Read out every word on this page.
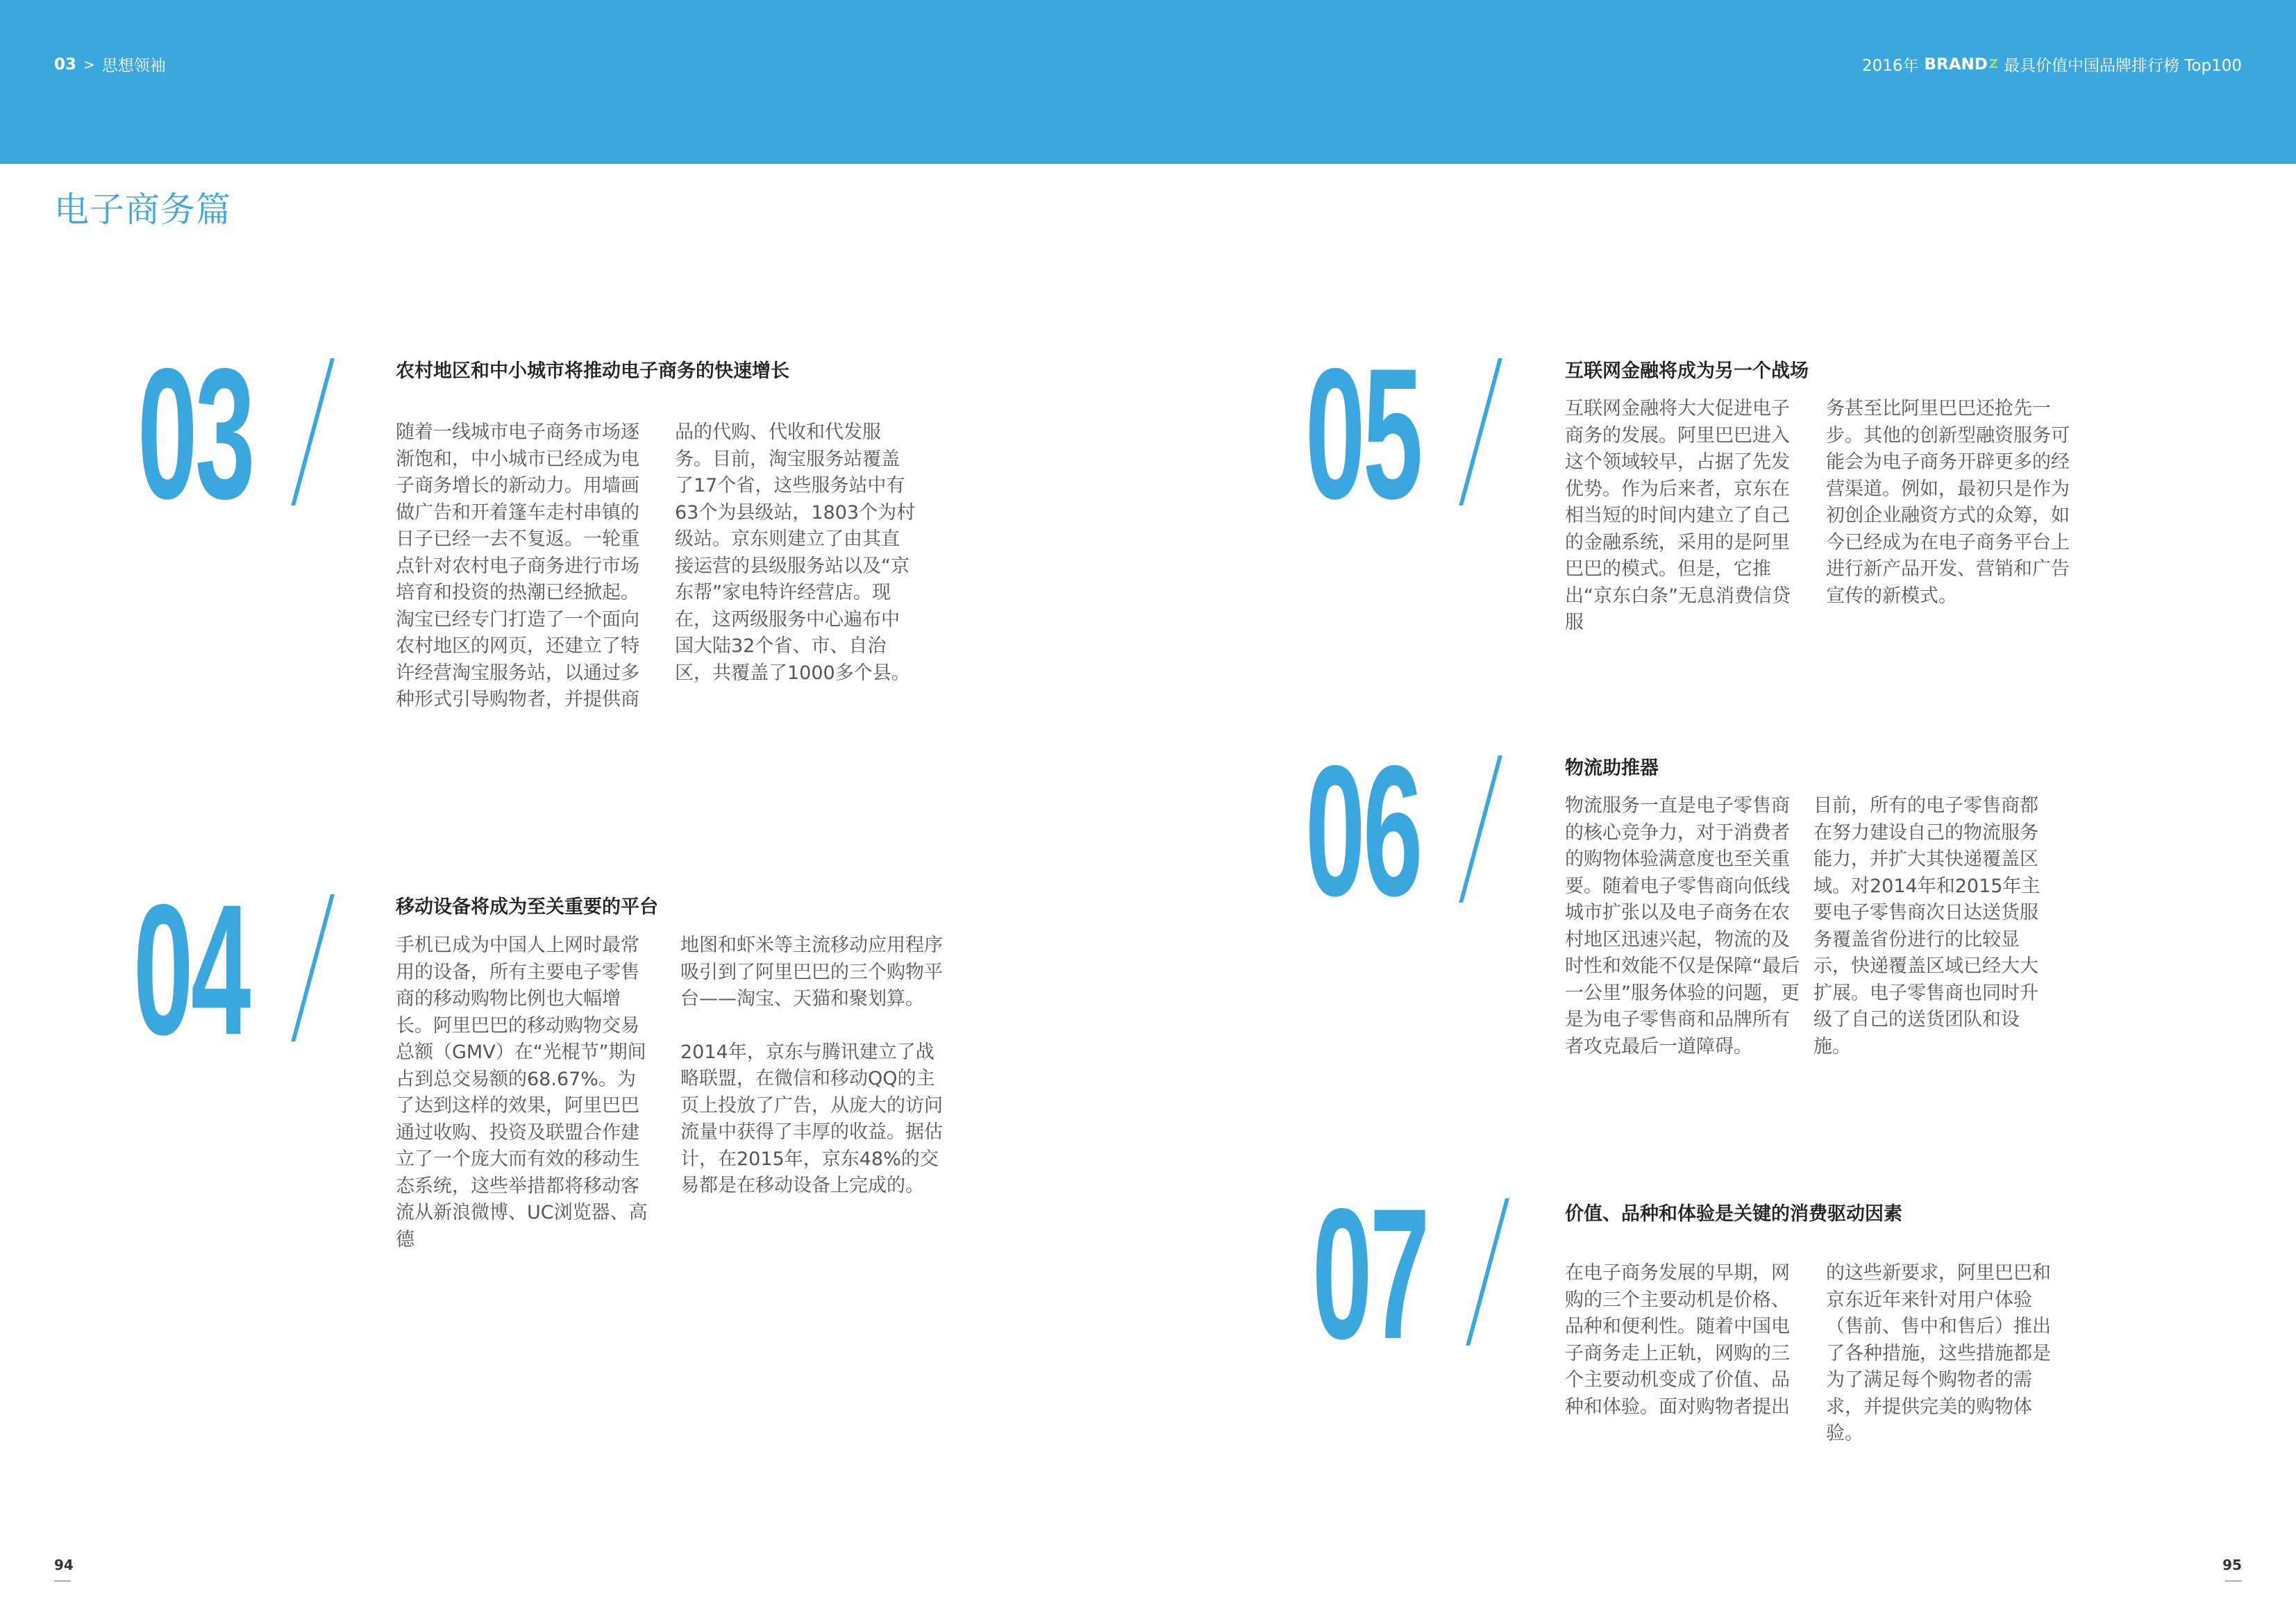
03 > 思想领袖	2016年 BRAND Z 最具价值中国品牌排行榜 Top100
电子商务篇
03	农村地区和中小城市将推动电子商务的快速增长

随着一线城市电子商务市场逐渐饱和，中小城市已经成为电子商务增长的新动力。用墙画做广告和开着篷车走村串镇的日子已经一去不复返。一轮重点针对农村电子商务进行市场培育和投资的热潮已经掀起。淘宝已经专门打造了一个面向农村地区的网页，还建立了特许经营淘宝服务站，以通过多种形式引导购物者，并提供商

品的代购、代收和代发服务。目前，淘宝服务站覆盖了17个省，这些服务站中有63个为县级站，1803个为村级站。京东则建立了由其直接运营的县级服务站以及“京东帮”家电特许经营店。现在，这两级服务中心遍布中国大陆32个省、市、自治区，共覆盖了1000多个县。

04	移动设备将成为至关重要的平台

手机已成为中国人上网时最常用的设备，所有主要电子零售商的移动购物比例也大幅增长。阿里巴巴的移动购物交易总额（GMV）在“光棍节”期间占到总交易额的68.67%。为了达到这样的效果，阿里巴巴通过收购、投资及联盟合作建立了一个庞大而有效的移动生态系统，这些举措都将移动客流从新浪微博、UC浏览器、高德

地图和虾米等主流移动应用程序吸引到了阿里巴巴的三个购物平台——淘宝、天猫和聚划算。

2014年，京东与腾讯建立了战略联盟，在微信和移动QQ的主页上投放了广告，从庞大的访问流量中获得了丰厚的收益。据估计，在2015年，京东48%的交易都是在移动设备上完成的。

05	互联网金融将成为另一个战场

互联网金融将大大促进电子商务的发展。阿里巴巴进入这个领域较早，占据了先发优势。作为后来者，京东在相当短的时间内建立了自己的金融系统，采用的是阿里巴巴的模式。但是，它推出“京东白条”无息消费信贷服

务甚至比阿里巴巴还抢先一步。其他的创新型融资服务可能会为电子商务开辟更多的经营渠道。例如，最初只是作为初创企业融资方式的众筹，如今已经成为在电子商务平台上进行新产品开发、营销和广告宣传的新模式。

06	物流助推器

物流服务一直是电子零售商的核心竞争力，对于消费者的购物体验满意度也至关重要。随着电子零售商向低线城市扩张以及电子商务在农村地区迅速兴起，物流的及时性和效能不仅是保障“最后一公里”服务体验的问题，更是为电子零售商和品牌所有者攻克最后一道障碍。

目前，所有的电子零售商都在努力建设自己的物流服务能力，并扩大其快递覆盖区域。对2014年和2015年主要电子零售商次日达送货服务覆盖省份进行的比较显示，快递覆盖区域已经大大扩展。电子零售商也同时升级了自己的送货团队和设施。

07	价值、品种和体验是关键的消费驱动因素

在电子商务发展的早期，网购的三个主要动机是价格、品种和便利性。随着中国电子商务走上正轨，网购的三个主要动机变成了价值、品种和体验。面对购物者提出

的这些新要求，阿里巴巴和京东近年来针对用户体验（售前、售中和售后）推出了各种措施，这些措施都是为了满足每个购物者的需求，并提供完美的购物体验。

94	95
